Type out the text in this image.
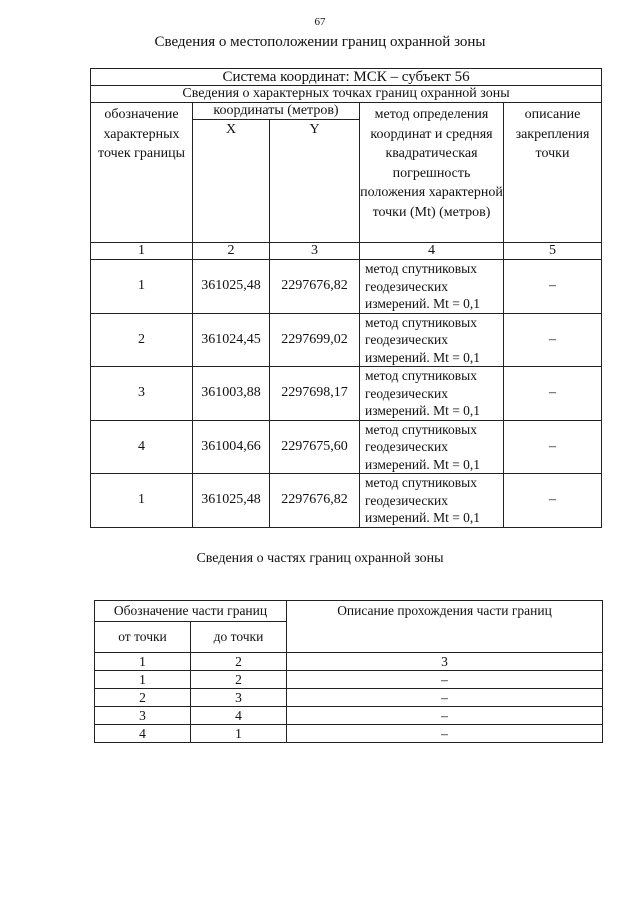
67
Сведения о местоположении границ охранной зоны
Система координат: МСК – субъект 56				
Сведения о характерных точках границ охранной зоны				
обозначение характерных точек границы	координаты (метров)		метод определения координат и средняя квадратическая погрешность положения характерной точки (Mt) (метров)	описание закрепления точки
	X	Y		
1	2	3	4	5
1	361025,48	2297676,82	метод спутниковых геодезических измерений. Mt = 0,1	–
2	361024,45	2297699,02	метод спутниковых геодезических измерений. Mt = 0,1	–
3	361003,88	2297698,17	метод спутниковых геодезических измерений. Mt = 0,1	–
4	361004,66	2297675,60	метод спутниковых геодезических измерений. Mt = 0,1	–
1	361025,48	2297676,82	метод спутниковых геодезических измерений. Mt = 0,1	–
Сведения о частях границ охранной зоны
Обозначение части границ		Описание прохождения части границ
от точки	до точки	
1	2	3
1	2	–
2	3	–
3	4	–
4	1	–
